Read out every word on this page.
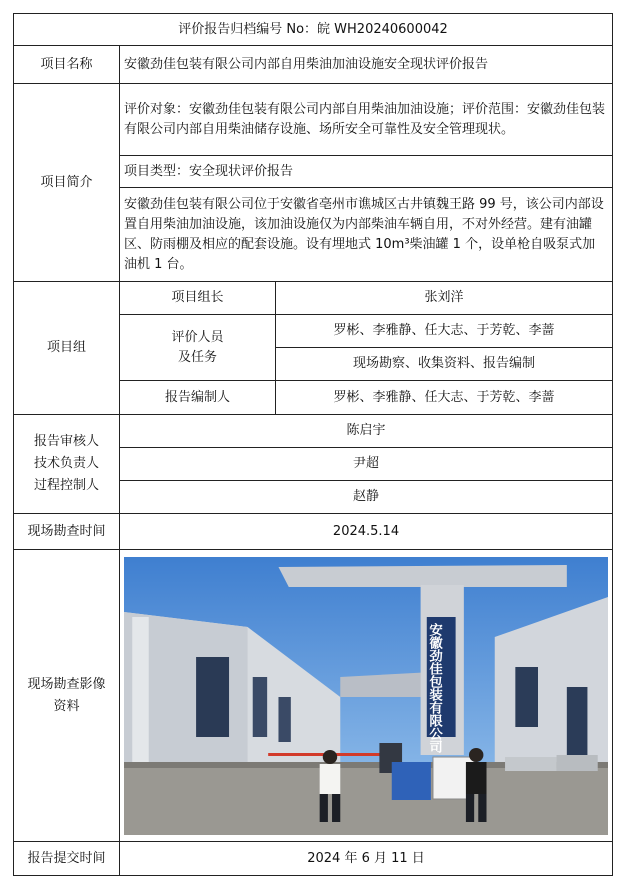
评价报告归档编号 No：皖 WH20240600042		
项目名称	安徽劲佳包装有限公司内部自用柴油加油设施安全现状评价报告	
项目简介	评价对象：安徽劲佳包装有限公司内部自用柴油加油设施；评价范围：安徽劲佳包装有限公司内部自用柴油储存设施、场所安全可靠性及安全管理现状。	
	项目类型：安全现状评价报告	
	安徽劲佳包装有限公司位于安徽省亳州市谯城区古井镇魏王路 99 号，该公司内部设置自用柴油加油设施，该加油设施仅为内部柴油车辆自用，不对外经营。建有油罐区、防雨棚及相应的配套设施。设有埋地式 10m³柴油罐 1 个，设单枪自吸泵式加油机 1 台。	
项目组	项目组长	张刘洋
	评价人员
及任务	罗彬、李雅静、任大志、于芳乾、李蔷
		现场勘察、收集资料、报告编制
	报告编制人	罗彬、李雅静、任大志、于芳乾、李蔷
报告审核人
技术负责人
过程控制人	陈启宇	
	尹超	
	赵静	
现场勘查时间	2024.5.14	
现场勘查影像
资料	安徽劲佳包装有限公司	

报告提交时间	2024 年 6 月 11 日	
